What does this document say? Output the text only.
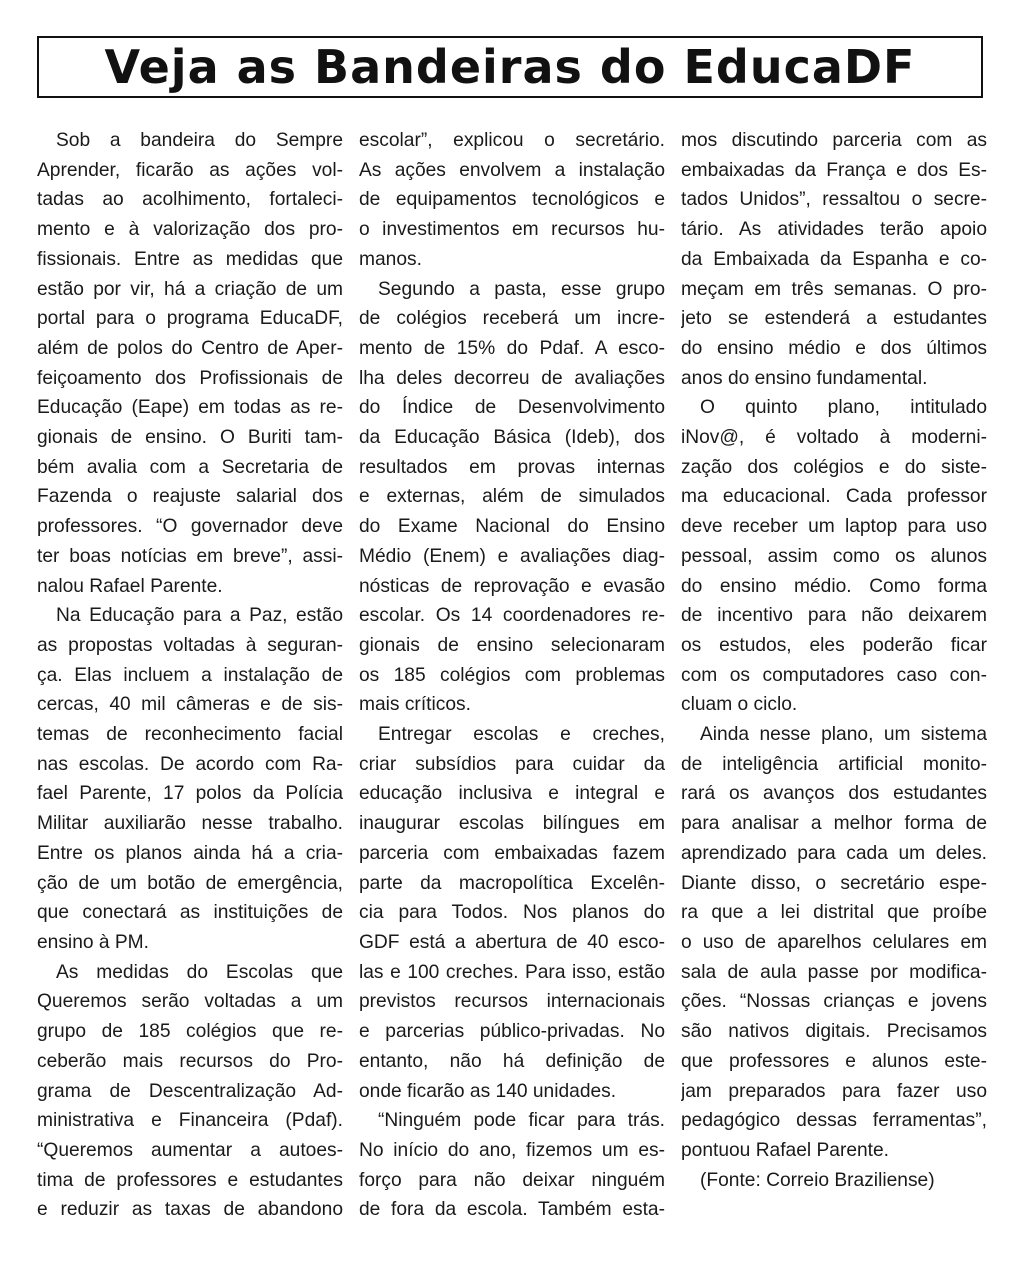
Veja as Bandeiras do EducaDF
Sob a bandeira do Sempre
Aprender, ficarão as ações vol-
tadas ao acolhimento, fortaleci-
mento e à valorização dos pro-
fissionais. Entre as medidas que
estão por vir, há a criação de um
portal para o programa EducaDF,
além de polos do Centro de Aper-
feiçoamento dos Profissionais de
Educação (Eape) em todas as re-
gionais de ensino. O Buriti tam-
bém avalia com a Secretaria de
Fazenda o reajuste salarial dos
professores. “O governador deve
ter boas notícias em breve”, assi-
nalou Rafael Parente.
Na Educação para a Paz, estão
as propostas voltadas à seguran-
ça. Elas incluem a instalação de
cercas, 40 mil câmeras e de sis-
temas de reconhecimento facial
nas escolas. De acordo com Ra-
fael Parente, 17 polos da Polícia
Militar auxiliarão nesse trabalho.
Entre os planos ainda há a cria-
ção de um botão de emergência,
que conectará as instituições de
ensino à PM.
As medidas do Escolas que
Queremos serão voltadas a um
grupo de 185 colégios que re-
ceberão mais recursos do Pro-
grama de Descentralização Ad-
ministrativa e Financeira (Pdaf).
“Queremos aumentar a autoes-
tima de professores e estudantes
e reduzir as taxas de abandono
escolar”, explicou o secretário.
As ações envolvem a instalação
de equipamentos tecnológicos e
o investimentos em recursos hu-
manos.
Segundo a pasta, esse grupo
de colégios receberá um incre-
mento de 15% do Pdaf. A esco-
lha deles decorreu de avaliações
do Índice de Desenvolvimento
da Educação Básica (Ideb), dos
resultados em provas internas
e externas, além de simulados
do Exame Nacional do Ensino
Médio (Enem) e avaliações diag-
nósticas de reprovação e evasão
escolar. Os 14 coordenadores re-
gionais de ensino selecionaram
os 185 colégios com problemas
mais críticos.
Entregar escolas e creches,
criar subsídios para cuidar da
educação inclusiva e integral e
inaugurar escolas bilíngues em
parceria com embaixadas fazem
parte da macropolítica Excelên-
cia para Todos. Nos planos do
GDF está a abertura de 40 esco-
las e 100 creches. Para isso, estão
previstos recursos internacionais
e parcerias público-privadas. No
entanto, não há definição de
onde ficarão as 140 unidades.
“Ninguém pode ficar para trás.
No início do ano, fizemos um es-
forço para não deixar ninguém
de fora da escola. Também esta-
mos discutindo parceria com as
embaixadas da França e dos Es-
tados Unidos”, ressaltou o secre-
tário. As atividades terão apoio
da Embaixada da Espanha e co-
meçam em três semanas. O pro-
jeto se estenderá a estudantes
do ensino médio e dos últimos
anos do ensino fundamental.
O quinto plano, intitulado
iNov@, é voltado à moderni-
zação dos colégios e do siste-
ma educacional. Cada professor
deve receber um laptop para uso
pessoal, assim como os alunos
do ensino médio. Como forma
de incentivo para não deixarem
os estudos, eles poderão ficar
com os computadores caso con-
cluam o ciclo.
Ainda nesse plano, um sistema
de inteligência artificial monito-
rará os avanços dos estudantes
para analisar a melhor forma de
aprendizado para cada um deles.
Diante disso, o secretário espe-
ra que a lei distrital que proíbe
o uso de aparelhos celulares em
sala de aula passe por modifica-
ções. “Nossas crianças e jovens
são nativos digitais. Precisamos
que professores e alunos este-
jam preparados para fazer uso
pedagógico dessas ferramentas”,
pontuou Rafael Parente.
(Fonte: Correio Braziliense)
